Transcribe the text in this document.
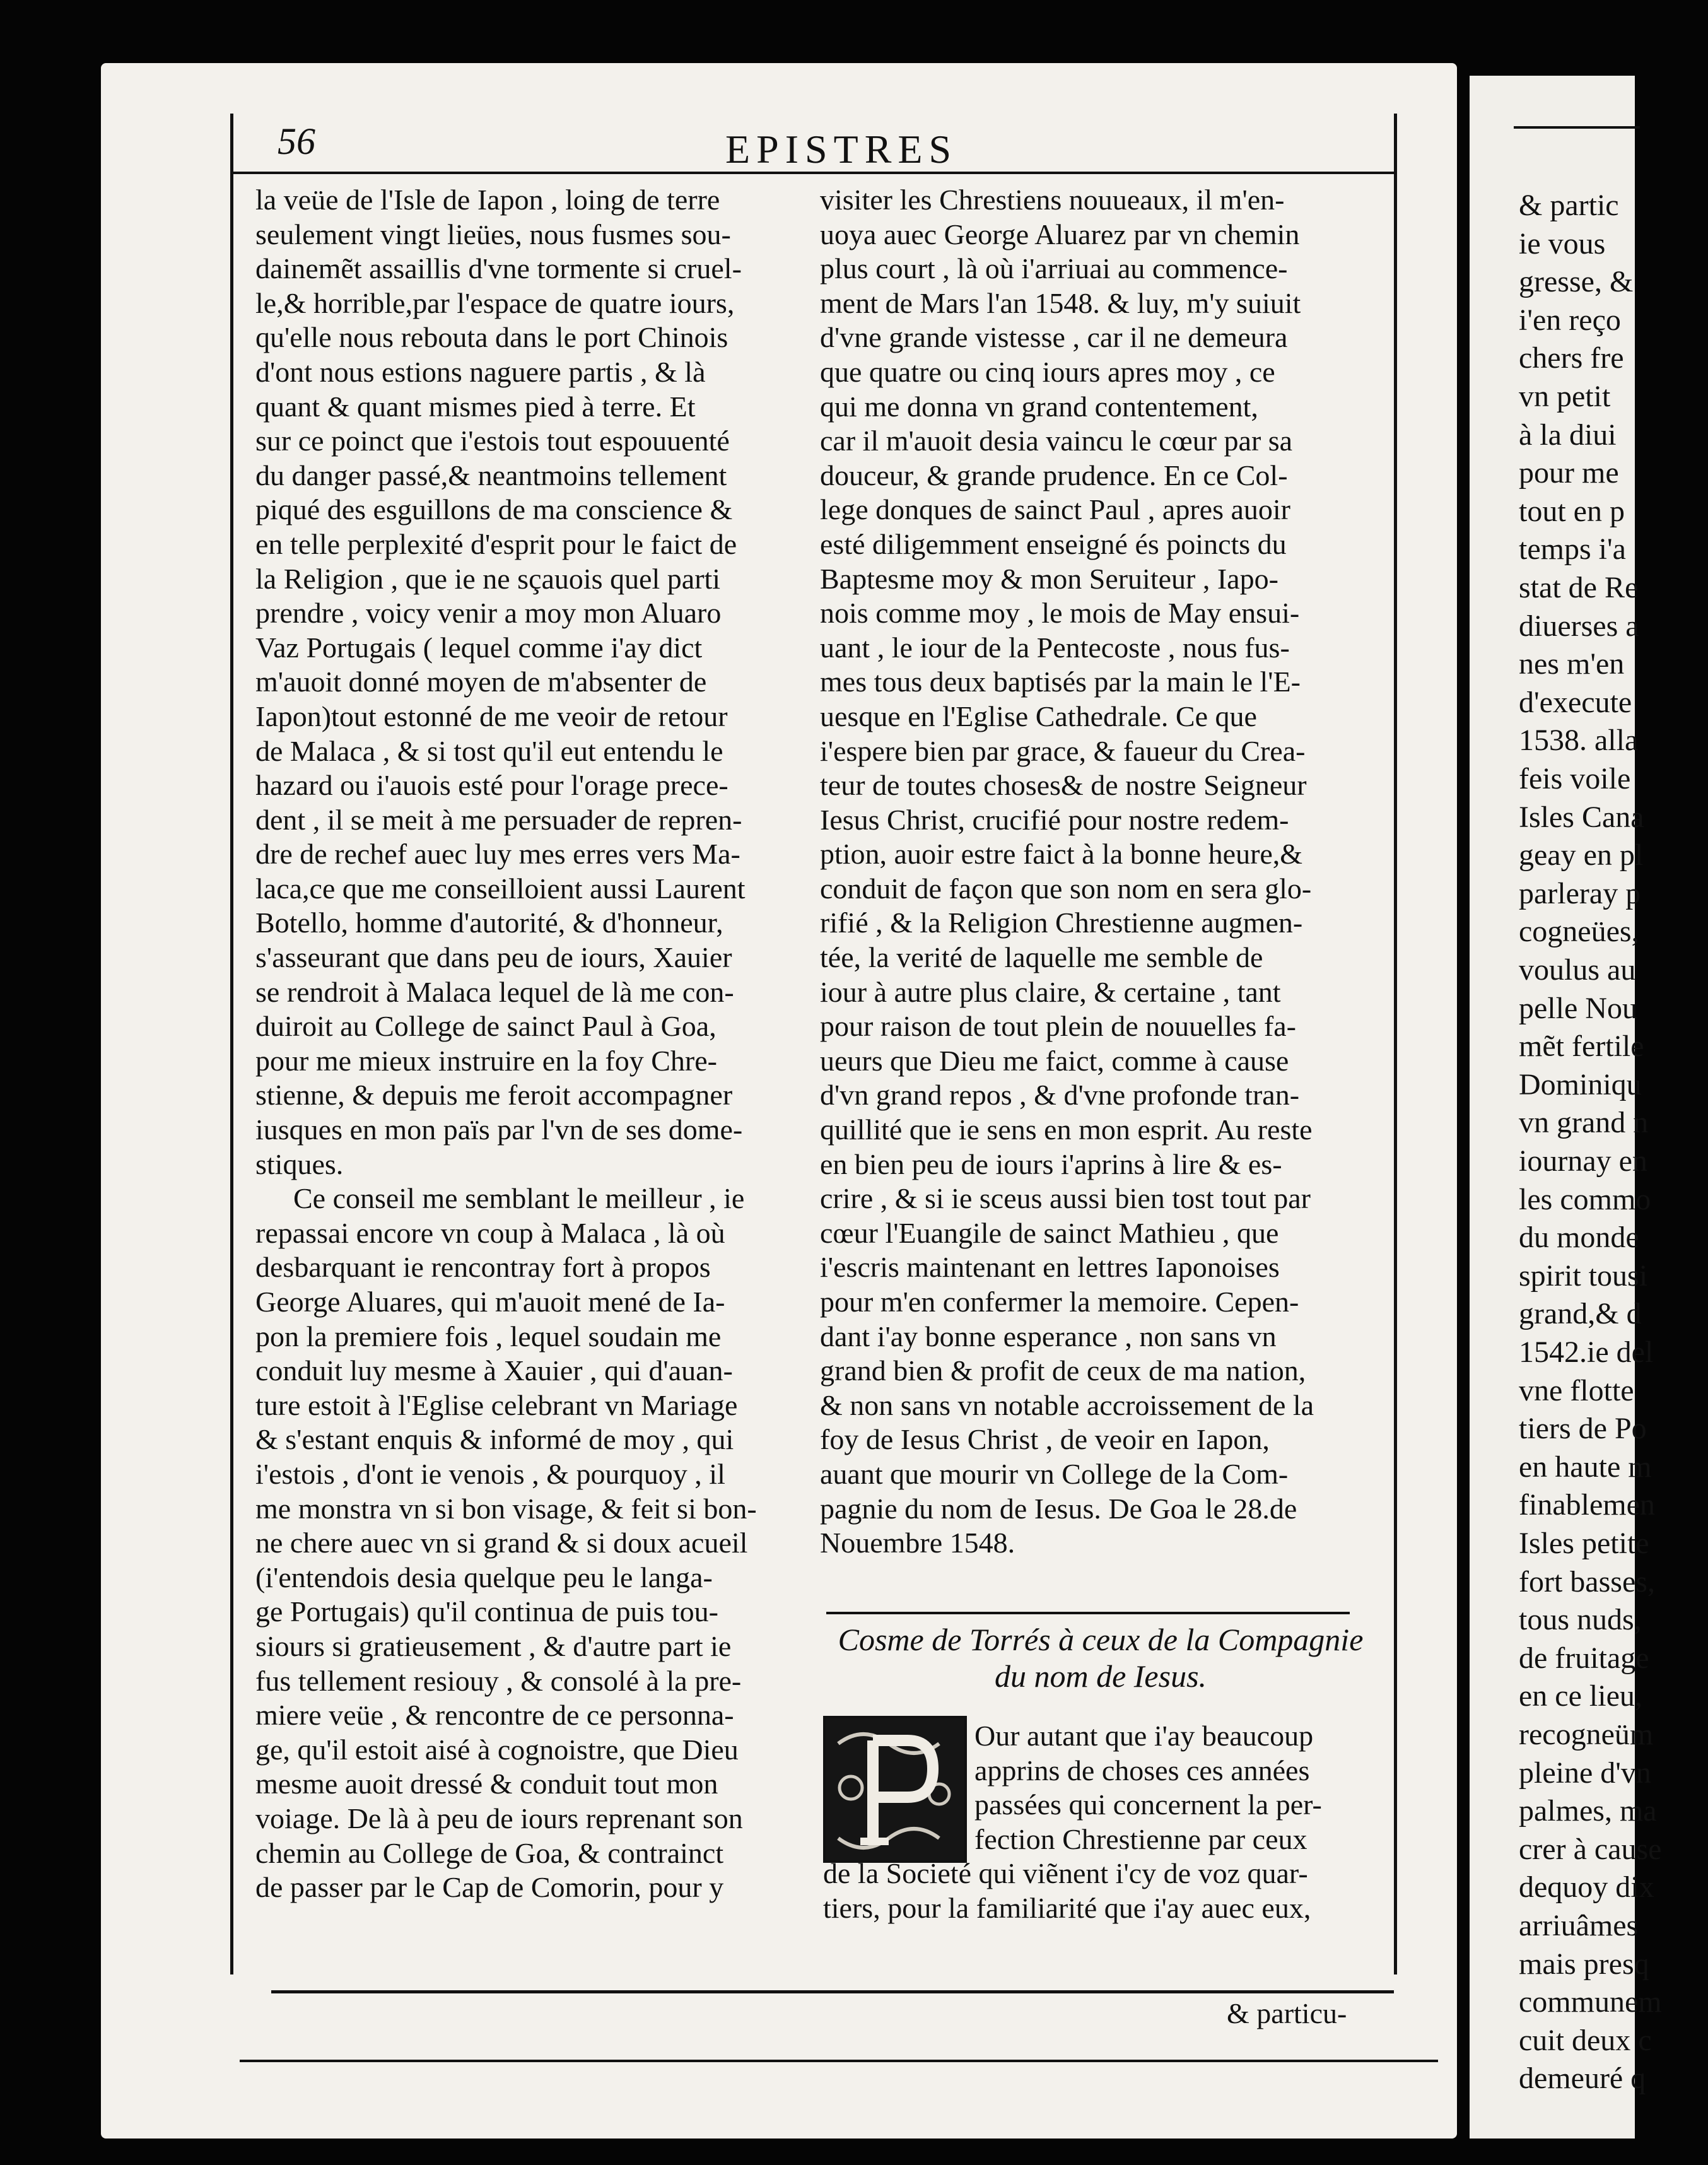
& partic
ie vous
gresse, &
i'en reço
chers fre
vn petit
à la diui
pour me
tout en p
temps i'a
stat de Re
diuerses a
nes m'en
d'execute
1538. alla
feis voile
Isles Cana
geay en pl
parleray p
cogneües,
voulus au
pelle Nou
mẽt fertile
Dominiqu
vn grand n
iournay en
les commo
du monde
spirit tousi
grand,& d
1542.ie del
vne flotte
tiers de Po
en haute m
finablemen
Isles petite
fort basses,
tous nuds,
de fruitage
en ce lieu,
recogneüm
pleine d'vn
palmes, ma
crer à cause
dequoy dix
arriuâmes
mais presq
communem
cuit deux c
demeuré q
56	EPISTRES
la veüe de l'Isle de Iapon , loing de terre
seulement vingt lieües, nous fusmes sou-
dainemẽt assaillis d'vne tormente si cruel-
le,& horrible,par l'espace de quatre iours,
qu'elle nous rebouta dans le port Chinois
d'ont nous estions naguere partis , & là
quant & quant mismes pied à terre. Et
sur ce poinct que i'estois tout espouuenté
du danger passé,& neantmoins tellement
piqué des esguillons de ma conscience &
en telle perplexité d'esprit pour le faict de
la Religion , que ie ne sçauois quel parti
prendre , voicy venir a moy mon Aluaro
Vaz Portugais ( lequel comme i'ay dict
m'auoit donné moyen de m'absenter de
Iapon)tout estonné de me veoir de retour
de Malaca , & si tost qu'il eut entendu le
hazard ou i'auois esté pour l'orage prece-
dent , il se meit à me persuader de repren-
dre de rechef auec luy mes erres vers Ma-
laca,ce que me conseilloient aussi Laurent
Botello, homme d'autorité, & d'honneur,
s'asseurant que dans peu de iours, Xauier
se rendroit à Malaca lequel de là me con-
duiroit au College de sainct Paul à Goa,
pour me mieux instruire en la foy Chre-
stienne, & depuis me feroit accompagner
iusques en mon païs par l'vn de ses dome-
stiques.
Ce conseil me semblant le meilleur , ie
repassai encore vn coup à Malaca , là où
desbarquant ie rencontray fort à propos
George Aluares, qui m'auoit mené de Ia-
pon la premiere fois , lequel soudain me
conduit luy mesme à Xauier , qui d'auan-
ture estoit à l'Eglise celebrant vn Mariage
& s'estant enquis & informé de moy , qui
i'estois , d'ont ie venois , & pourquoy , il
me monstra vn si bon visage, & feit si bon-
ne chere auec vn si grand & si doux acueil
(i'entendois desia quelque peu le langa-
ge Portugais) qu'il continua de puis tou-
siours si gratieusement , & d'autre part ie
fus tellement resiouy , & consolé à la pre-
miere veüe , & rencontre de ce personna-
ge, qu'il estoit aisé à cognoistre, que Dieu
mesme auoit dressé & conduit tout mon
voiage. De là à peu de iours reprenant son
chemin au College de Goa, & contrainct
de passer par le Cap de Comorin, pour y
visiter les Chrestiens nouueaux, il m'en-
uoya auec George Aluarez par vn chemin
plus court , là où i'arriuai au commence-
ment de Mars l'an 1548. & luy, m'y suiuit
d'vne grande vistesse , car il ne demeura
que quatre ou cinq iours apres moy , ce
qui me donna vn grand contentement,
car il m'auoit desia vaincu le cœur par sa
douceur, & grande prudence. En ce Col-
lege donques de sainct Paul , apres auoir
esté diligemment enseigné és poincts du
Baptesme moy & mon Seruiteur , Iapo-
nois comme moy , le mois de May ensui-
uant , le iour de la Pentecoste , nous fus-
mes tous deux baptisés par la main le l'E-
uesque en l'Eglise Cathedrale. Ce que
i'espere bien par grace, & faueur du Crea-
teur de toutes choses& de nostre Seigneur
Iesus Christ, crucifié pour nostre redem-
ption, auoir estre faict à la bonne heure,&
conduit de façon que son nom en sera glo-
rifié , & la Religion Chrestienne augmen-
tée, la verité de laquelle me semble de
iour à autre plus claire, & certaine , tant
pour raison de tout plein de nouuelles fa-
ueurs que Dieu me faict, comme à cause
d'vn grand repos , & d'vne profonde tran-
quillité que ie sens en mon esprit. Au reste
en bien peu de iours i'aprins à lire & es-
crire , & si ie sceus aussi bien tost tout par
cœur l'Euangile de sainct Mathieu , que
i'escris maintenant en lettres Iaponoises
pour m'en confermer la memoire. Cepen-
dant i'ay bonne esperance , non sans vn
grand bien & profit de ceux de ma nation,
& non sans vn notable accroissement de la
foy de Iesus Christ , de veoir en Iapon,
auant que mourir vn College de la Com-
pagnie du nom de Iesus. De Goa le 28.de
Nouembre 1548.
Cosme de Torrés à ceux de la Compagnie
du nom de Iesus.
Our autant que i'ay beaucoup
apprins de choses ces années
passées qui concernent la per-
fection Chrestienne par ceux
de la Societé qui viẽnent i'cy de voz quar-
tiers, pour la familiarité que i'ay auec eux,
& particu-
